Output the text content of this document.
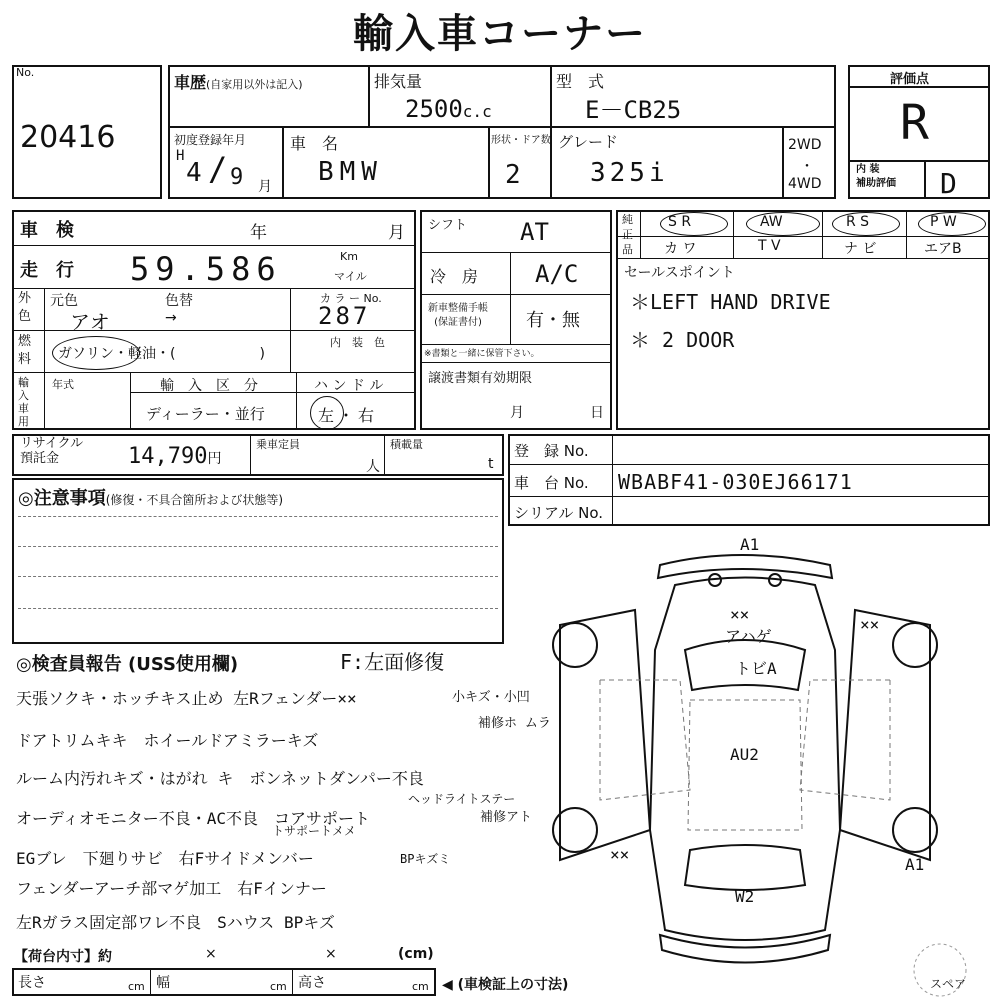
輸入車コーナー
No.
20416
車歴(自家用以外は記入)	排気量
2500c.c
型　式
E－CB25
初度登録年月
H
4 / 9 月
車　名
BMW
形状・ドア数
2
グレード
325i
2WD
・
4WD
評価点
R
内 装
補助評価 D
車　検	年	月
走　行 59.586	Km
マイル
外
色
元色
アオ
色替
→
カ ラ ー No.
287
燃
料 ガソリン・軽油・(　　　　　　)
内　装　色
輸
入
車
用
年式	輸　入　区　分
ディーラー・並行
ハ ン ド ル
左・右
シフト AT
冷　房 A/C
新車整備手帳
(保証書付)	有・無
※書類と一緒に保管下さい。
譲渡書類有効期限
月	日
純
正
品
S R	AW	R S	P W
カ ワ	T V	ナ ビ	エアB
セールスポイント
＊LEFT HAND DRIVE
＊ 2 DOOR
リサイクル
預託金	14,790円
乗車定員
人
積載量
t
登　録 No.
車　台 No. WBABF41-030EJ66171
シリアル No.
◎注意事項(修復・不具合箇所および状態等)
◎検査員報告 (USS使用欄)	F:左面修復
天張ソクキ・ホッチキス止め 左Rフェンダー××
ドアトリムキキ　ホイールドアミラーキズ
ルーム内汚れキズ・はがれ キ　ボンネットダンパー不良
オーディオモニター不良・AC不良　コアサポート
EGブレ　下廻りサビ　右Fサイドメンバー
フェンダーアーチ部マゲ加工　右Fインナー
左Rガラス固定部ワレ不良　Sハウス BPキズ
小キズ・小凹
補修ホ ムラ
ヘッドライトステー
補修アト
トサポートメメ
BPキズミ
【荷台内寸】約	×	×	(cm)
長さ	cm 幅	cm 高さ	cm ◀ (車検証上の寸法)
A1
××
アハゲ
トビA
××
AU2
××
A1
W2
スペア
